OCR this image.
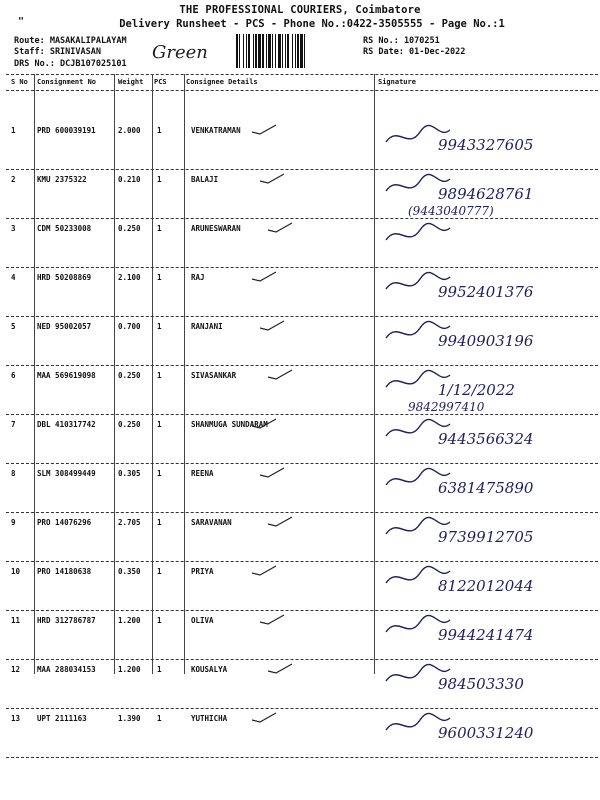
THE PROFESSIONAL COURIERS, Coimbatore
"	Delivery Runsheet - PCS - Phone No.:0422-3505555 - Page No.:1
Route: MASAKALIPALAYAM
Staff: SRINIVASAN
DRS No.: DCJB107025101
RS No.: 1070251
RS Date: 01-Dec-2022
Green
S No Consignment No	Weight PCS	Consignee Details	Signature
1	PRD 600039191	2.000 1	VENKATRAMAN
9943327605
2	KMU 2375322	0.210 1	BALAJI
9894628761
(9443040777)
3	CDM 50233008	0.250 1	ARUNESWARAN
4	HRD 50208869	2.100 1	RAJ
9952401376
5	NED 95002057	0.700 1	RANJANI
9940903196
6	MAA 569619098	0.250 1	SIVASANKAR
1/12/2022
9842997410
7	DBL 410317742	0.250 1	SHANMUGA SUNDARAM
9443566324
8	SLM 308499449	0.305 1	REENA
6381475890
9	PRO 14076296	2.705 1	SARAVANAN
9739912705
10 PRO 14180638	0.350 1	PRIYA
8122012044
11 HRD 312786787	1.200 1	OLIVA
9944241474
12 MAA 288034153	1.200 1	KOUSALYA
984503330
13 UPT 2111163	1.390 1	YUTHICHA
9600331240
